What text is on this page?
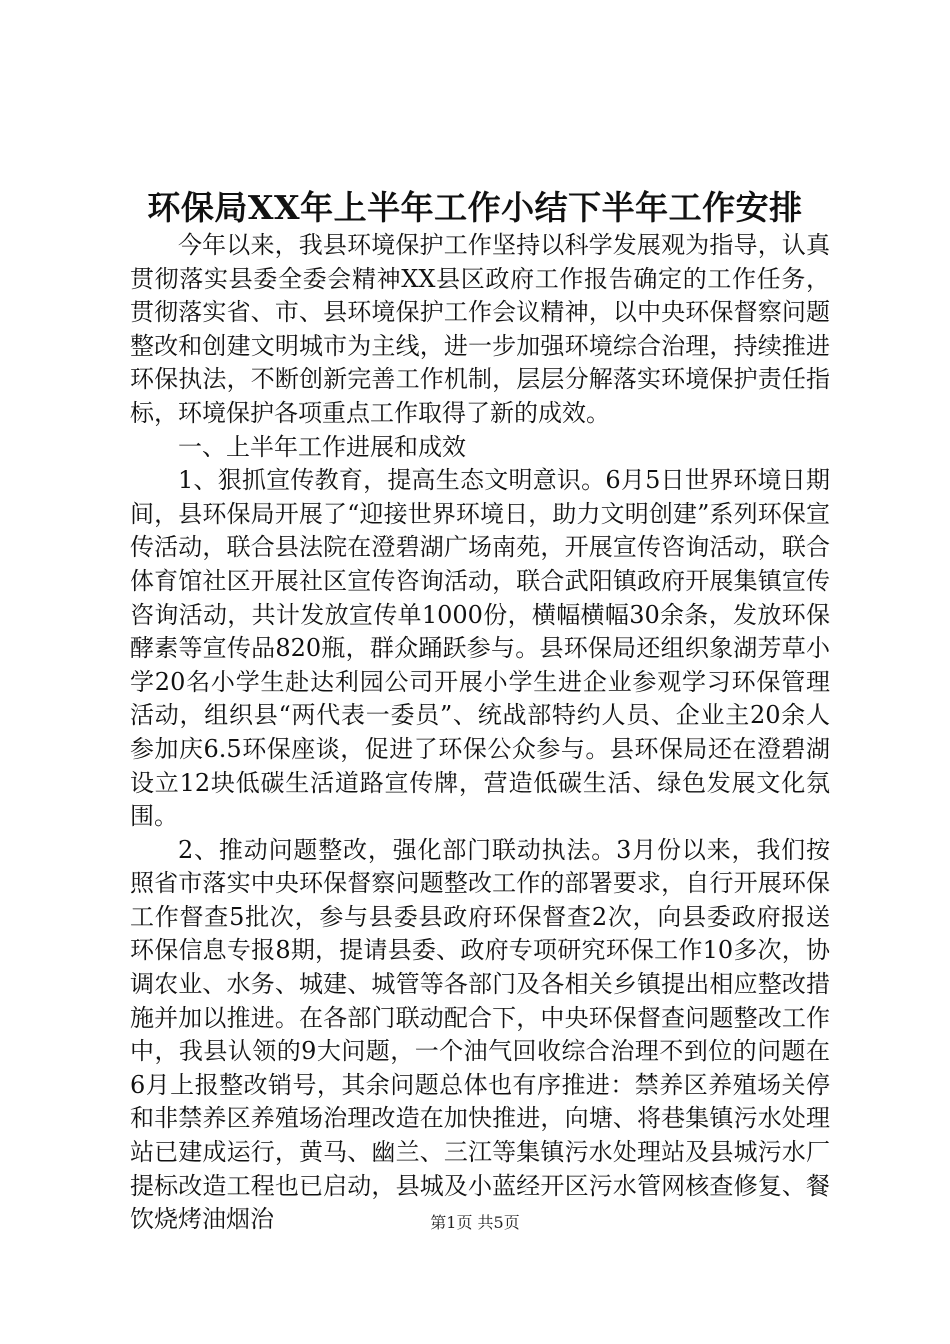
环保局XX年上半年工作小结下半年工作安排

今年以来，我县环境保护工作坚持以科学发展观为指导，认真贯彻落实县委全委会精神XX县区政府工作报告确定的工作任务，贯彻落实省、市、县环境保护工作会议精神，以中央环保督察问题整改和创建文明城市为主线，进一步加强环境综合治理，持续推进环保执法，不断创新完善工作机制，层层分解落实环境保护责任指标，环境保护各项重点工作取得了新的成效。

一、上半年工作进展和成效

1、狠抓宣传教育，提高生态文明意识。6月5日世界环境日期间，县环保局开展了“迎接世界环境日，助力文明创建”系列环保宣传活动，联合县法院在澄碧湖广场南苑，开展宣传咨询活动，联合体育馆社区开展社区宣传咨询活动，联合武阳镇政府开展集镇宣传咨询活动，共计发放宣传单1000份，横幅横幅30余条，发放环保酵素等宣传品820瓶，群众踊跃参与。县环保局还组织象湖芳草小学20名小学生赴达利园公司开展小学生进企业参观学习环保管理活动，组织县“两代表一委员”、统战部特约人员、企业主20余人参加庆6.5环保座谈，促进了环保公众参与。县环保局还在澄碧湖设立12块低碳生活道路宣传牌，营造低碳生活、绿色发展文化氛围。

2、推动问题整改，强化部门联动执法。3月份以来，我们按照省市落实中央环保督察问题整改工作的部署要求，自行开展环保工作督查5批次，参与县委县政府环保督查2次，向县委政府报送环保信息专报8期，提请县委、政府专项研究环保工作10多次，协调农业、水务、城建、城管等各部门及各相关乡镇提出相应整改措施并加以推进。在各部门联动配合下，中央环保督查问题整改工作中，我县认领的9大问题，一个油气回收综合治理不到位的问题在6月上报整改销号，其余问题总体也有序推进：禁养区养殖场关停和非禁养区养殖场治理改造在加快推进，向塘、将巷集镇污水处理站已建成运行，黄马、幽兰、三江等集镇污水处理站及县城污水厂提标改造工程也已启动，县城及小蓝经开区污水管网核查修复、餐饮烧烤油烟治	第1页 共5页
